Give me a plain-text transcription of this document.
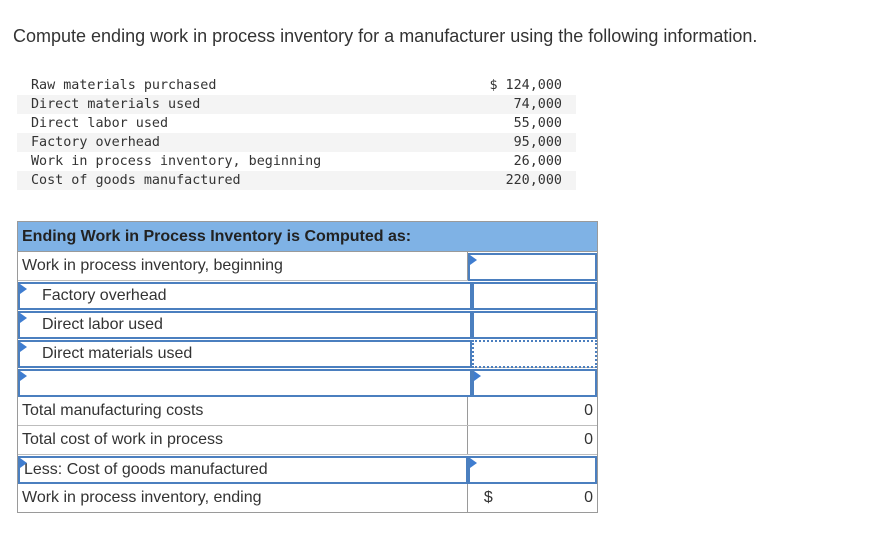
Compute ending work in process inventory for a manufacturer using the following information.
Raw materials purchased	$ 124,000
Direct materials used	74,000
Direct labor used	55,000
Factory overhead	95,000
Work in process inventory, beginning	26,000
Cost of goods manufactured	220,000
Ending Work in Process Inventory is Computed as:
Work in process inventory, beginning
Factory overhead
Direct labor used
Direct materials used
Total manufacturing costs	0
Total cost of work in process	0
Less: Cost of goods manufactured
Work in process inventory, ending	$	0
